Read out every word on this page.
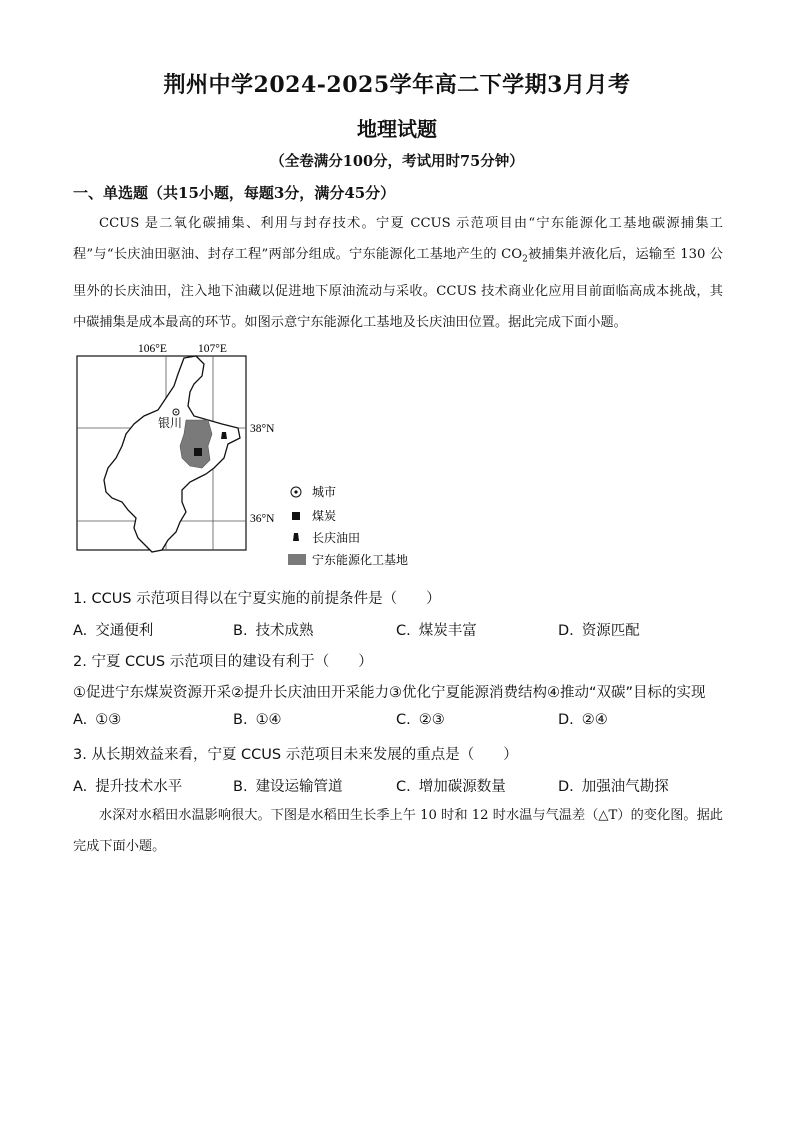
荆州中学2024-2025学年高二下学期3月月考
地理试题
（全卷满分100分，考试用时75分钟）
一、单选题（共15小题，每题3分，满分45分）
CCUS 是二氧化碳捕集、利用与封存技术。宁夏 CCUS 示范项目由“宁东能源化工基地碳源捕集工程”与“长庆油田驱油、封存工程”两部分组成。宁东能源化工基地产生的 $CO_2$被捕集并液化后，运输至 130 公里外的长庆油田，注入地下油藏以促进地下原油流动与采收。CCUS 技术商业化应用目前面临高成本挑战，其中碳捕集是成本最高的环节。如图示意宁东能源化工基地及长庆油田位置。据此完成下面小题。
106°E	107°E
38°N
36°N
银川
城市
煤炭
长庆油田
宁东能源化工基地
1. CCUS 示范项目得以在宁夏实施的前提条件是（　　）
A. 交通便利	B. 技术成熟	C. 煤炭丰富	D. 资源匹配
2. 宁夏 CCUS 示范项目的建设有利于（　　）
①促进宁东煤炭资源开采②提升长庆油田开采能力③优化宁夏能源消费结构④推动“双碳”目标的实现
A. ①③	B. ①④	C. ②③	D. ②④
3. 从长期效益来看，宁夏 CCUS 示范项目未来发展的重点是（　　）
A. 提升技术水平	B. 建设运输管道	C. 增加碳源数量	D. 加强油气勘探
水深对水稻田水温影响很大。下图是水稻田生长季上午 10 时和 12 时水温与气温差（△T）的变化图。据此完成下面小题。
